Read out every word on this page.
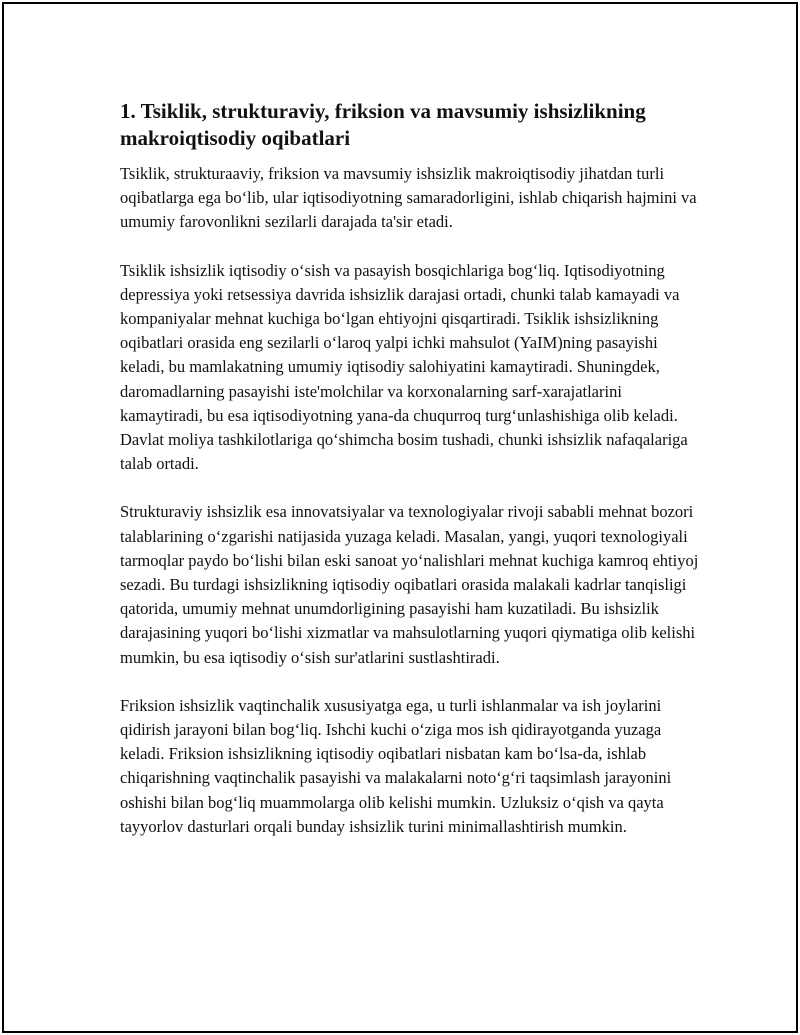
1. Tsiklik, strukturaviy, friksion va mavsumiy ishsizlikning makroiqtisodiy oqibatlari

Tsiklik, strukturaaviy, friksion va mavsumiy ishsizlik makroiqtisodiy jihatdan turli oqibatlarga ega bo‘lib, ular iqtisodiyotning samaradorligini, ishlab chiqarish hajmini va umumiy farovonlikni sezilarli darajada ta'sir etadi.

Tsiklik ishsizlik iqtisodiy o‘sish va pasayish bosqichlariga bog‘liq. Iqtisodiyotning depressiya yoki retsessiya davrida ishsizlik darajasi ortadi, chunki talab kamayadi va kompaniyalar mehnat kuchiga bo‘lgan ehtiyojni qisqartiradi. Tsiklik ishsizlikning oqibatlari orasida eng sezilarli o‘laroq yalpi ichki mahsulot (YaIM)ning pasayishi keladi, bu mamlakatning umumiy iqtisodiy salohiyatini kamaytiradi. Shuningdek, daromadlarning pasayishi iste'molchilar va korxonalarning sarf-xarajatlarini kamaytiradi, bu esa iqtisodiyotning yana-da chuqurroq turg‘unlashishiga olib keladi. Davlat moliya tashkilotlariga qo‘shimcha bosim tushadi, chunki ishsizlik nafaqalariga talab ortadi.

Strukturaviy ishsizlik esa innovatsiyalar va texnologiyalar rivoji sababli mehnat bozori talablarining o‘zgarishi natijasida yuzaga keladi. Masalan, yangi, yuqori texnologiyali tarmoqlar paydo bo‘lishi bilan eski sanoat yo‘nalishlari mehnat kuchiga kamroq ehtiyoj sezadi. Bu turdagi ishsizlikning iqtisodiy oqibatlari orasida malakali kadrlar tanqisligi qatorida, umumiy mehnat unumdorligining pasayishi ham kuzatiladi. Bu ishsizlik darajasining yuqori bo‘lishi xizmatlar va mahsulotlarning yuqori qiymatiga olib kelishi mumkin, bu esa iqtisodiy o‘sish sur'atlarini sustlashtiradi.

Friksion ishsizlik vaqtinchalik xususiyatga ega, u turli ishlanmalar va ish joylarini qidirish jarayoni bilan bog‘liq. Ishchi kuchi o‘ziga mos ish qidirayotganda yuzaga keladi. Friksion ishsizlikning iqtisodiy oqibatlari nisbatan kam bo‘lsa-da, ishlab chiqarishning vaqtinchalik pasayishi va malakalarni noto‘g‘ri taqsimlash jarayonini oshishi bilan bog‘liq muammolarga olib kelishi mumkin. Uzluksiz o‘qish va qayta tayyorlov dasturlari orqali bunday ishsizlik turini minimallashtirish mumkin.
